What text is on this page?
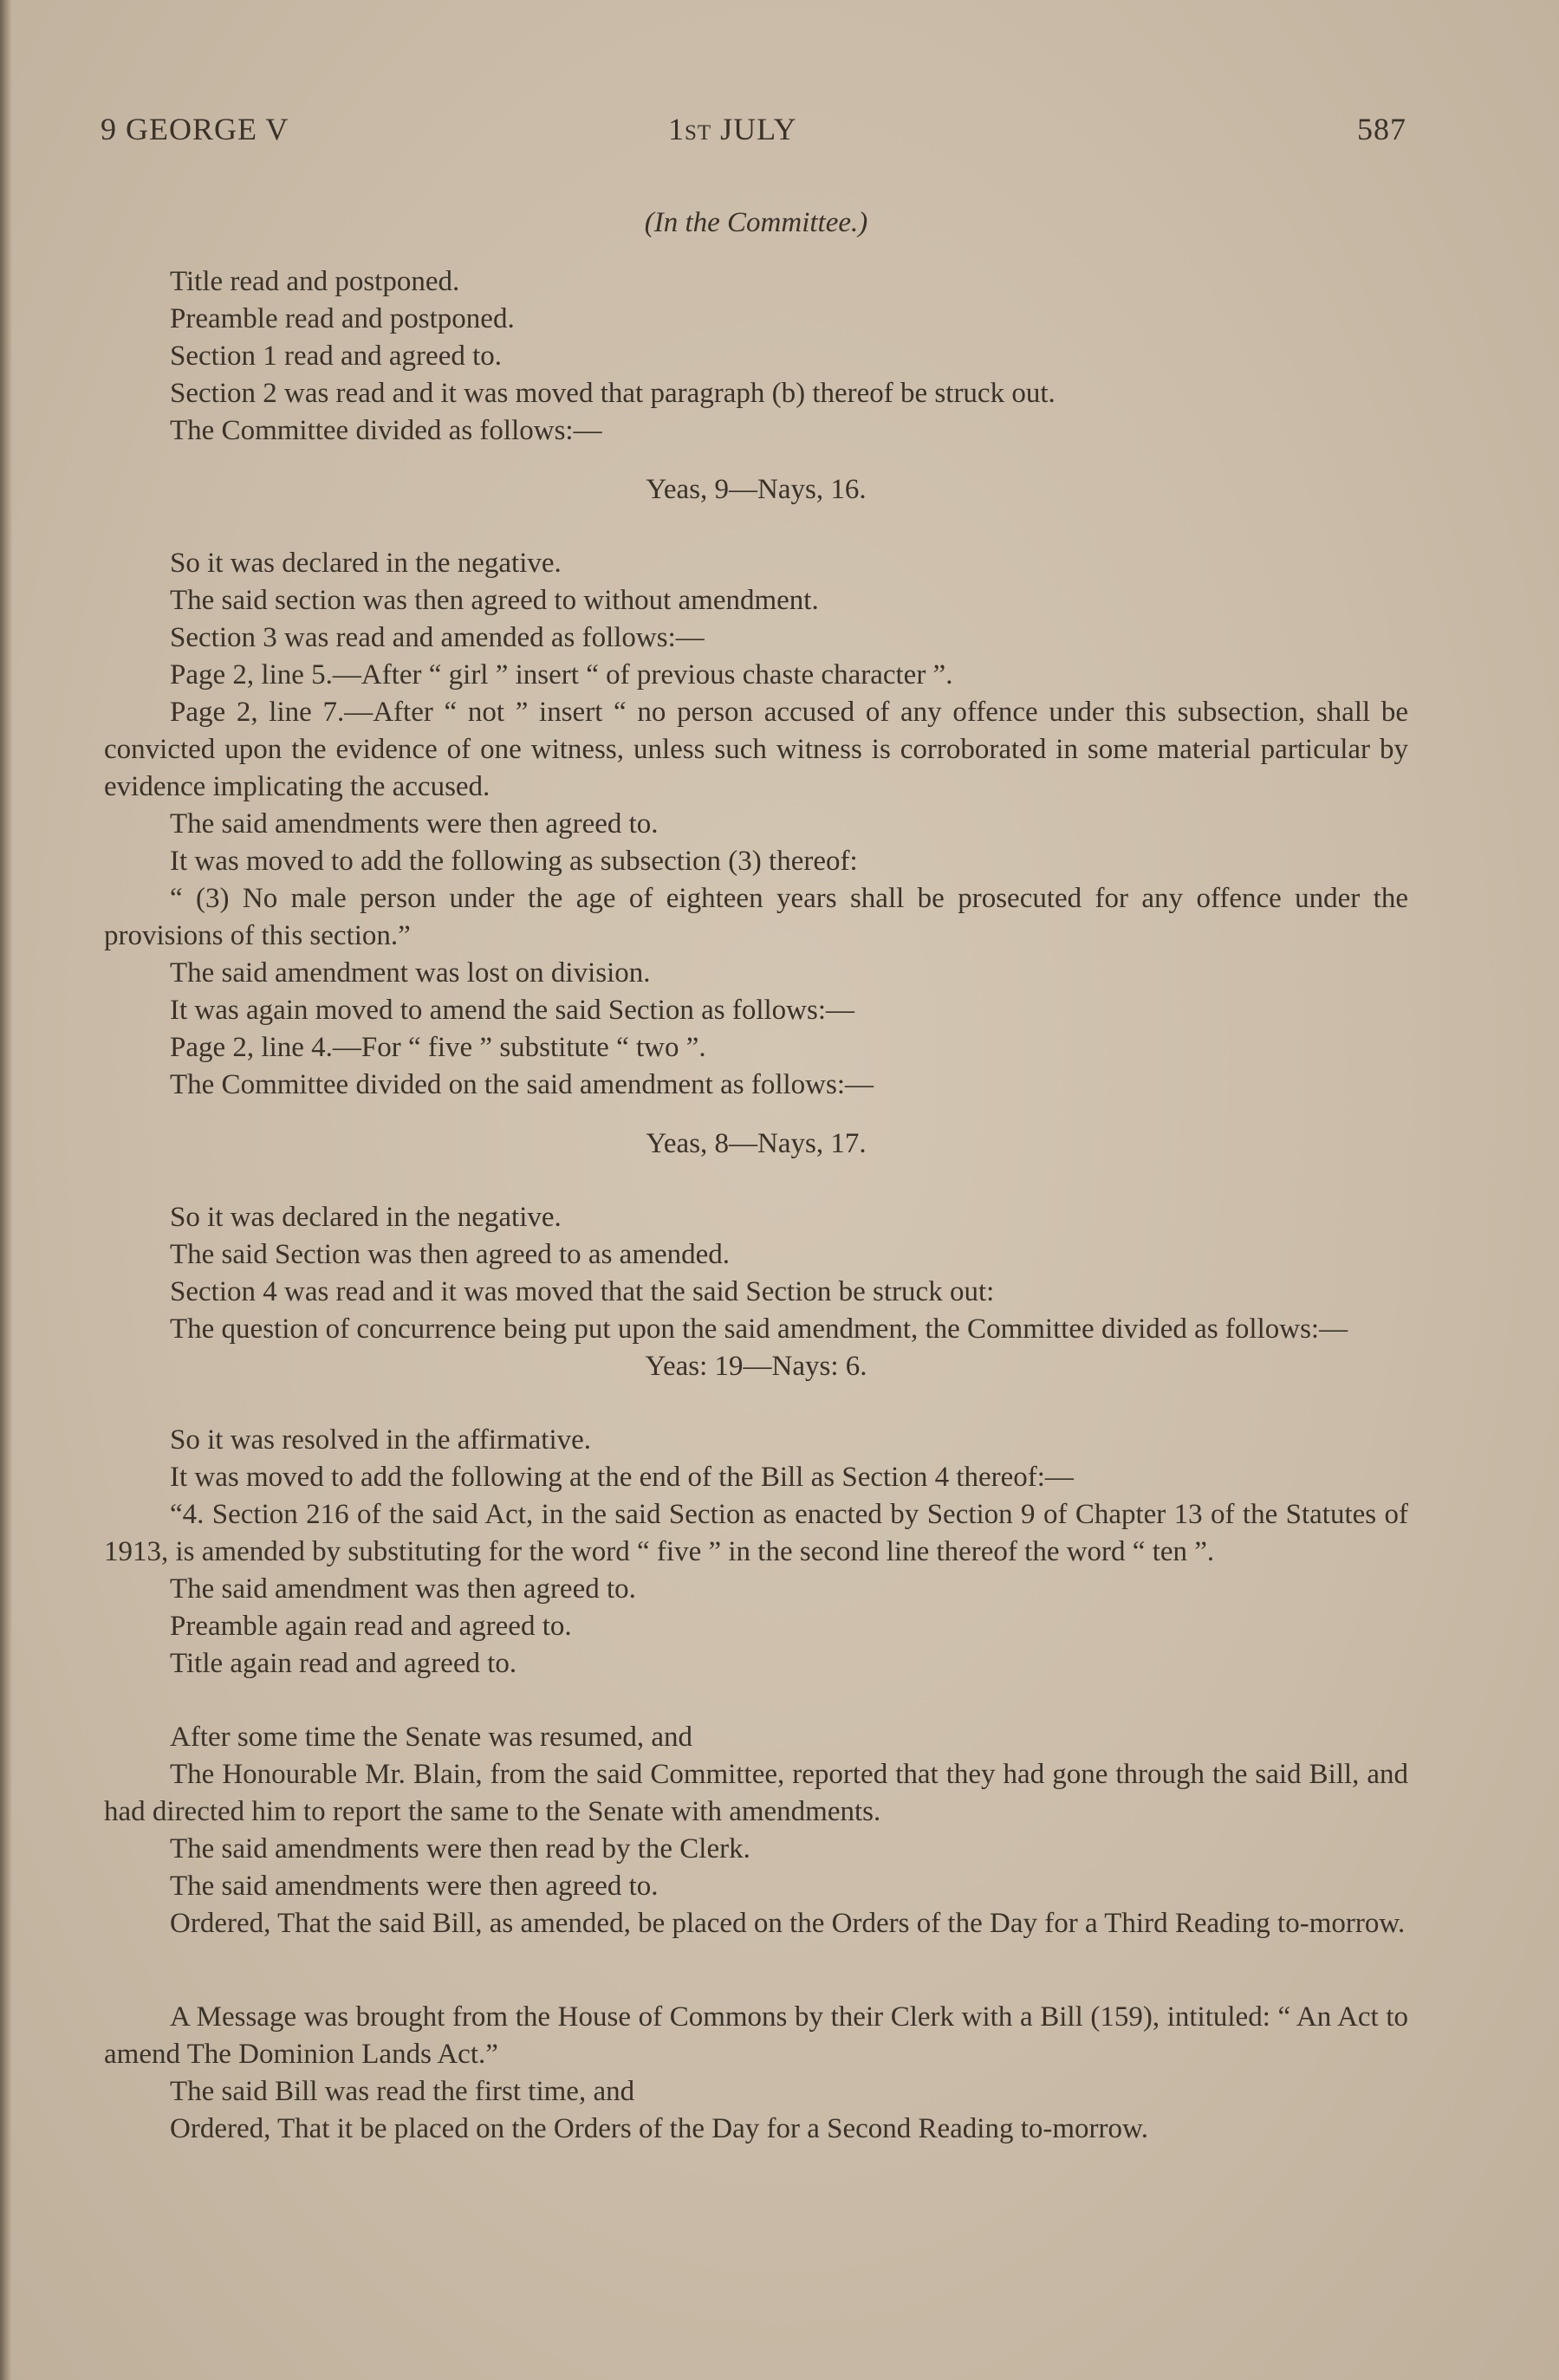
9 GEORGE V	1st JULY	587

(In the Committee.)

Title read and postponed.

Preamble read and postponed.

Section 1 read and agreed to.

Section 2 was read and it was moved that paragraph (b) thereof be struck out.

The Committee divided as follows:—

Yeas, 9—Nays, 16.

So it was declared in the negative.

The said section was then agreed to without amendment.

Section 3 was read and amended as follows:—

Page 2, line 5.—After “ girl ” insert “ of previous chaste character ”.

Page 2, line 7.—After “ not ” insert “ no person accused of any offence under this subsection, shall be convicted upon the evidence of one witness, unless such witness is corroborated in some material particular by evidence implicating the accused.

The said amendments were then agreed to.

It was moved to add the following as subsection (3) thereof:

“ (3) No male person under the age of eighteen years shall be prosecuted for any offence under the provisions of this section.”

The said amendment was lost on division.

It was again moved to amend the said Section as follows:—

Page 2, line 4.—For “ five ” substitute “ two ”.

The Committee divided on the said amendment as follows:—

Yeas, 8—Nays, 17.

So it was declared in the negative.

The said Section was then agreed to as amended.

Section 4 was read and it was moved that the said Section be struck out:

The question of concurrence being put upon the said amendment, the Committee divided as follows:—

Yeas: 19—Nays: 6.

So it was resolved in the affirmative.

It was moved to add the following at the end of the Bill as Section 4 thereof:—

“4. Section 216 of the said Act, in the said Section as enacted by Section 9 of Chapter 13 of the Statutes of 1913, is amended by substituting for the word “ five ” in the second line thereof the word “ ten ”.

The said amendment was then agreed to.

Preamble again read and agreed to.

Title again read and agreed to.

After some time the Senate was resumed, and

The Honourable Mr. Blain, from the said Committee, reported that they had gone through the said Bill, and had directed him to report the same to the Senate with amendments.

The said amendments were then read by the Clerk.

The said amendments were then agreed to.

Ordered, That the said Bill, as amended, be placed on the Orders of the Day for a Third Reading to-morrow.

A Message was brought from the House of Commons by their Clerk with a Bill (159), intituled: “ An Act to amend The Dominion Lands Act.”

The said Bill was read the first time, and

Ordered, That it be placed on the Orders of the Day for a Second Reading to-morrow.
